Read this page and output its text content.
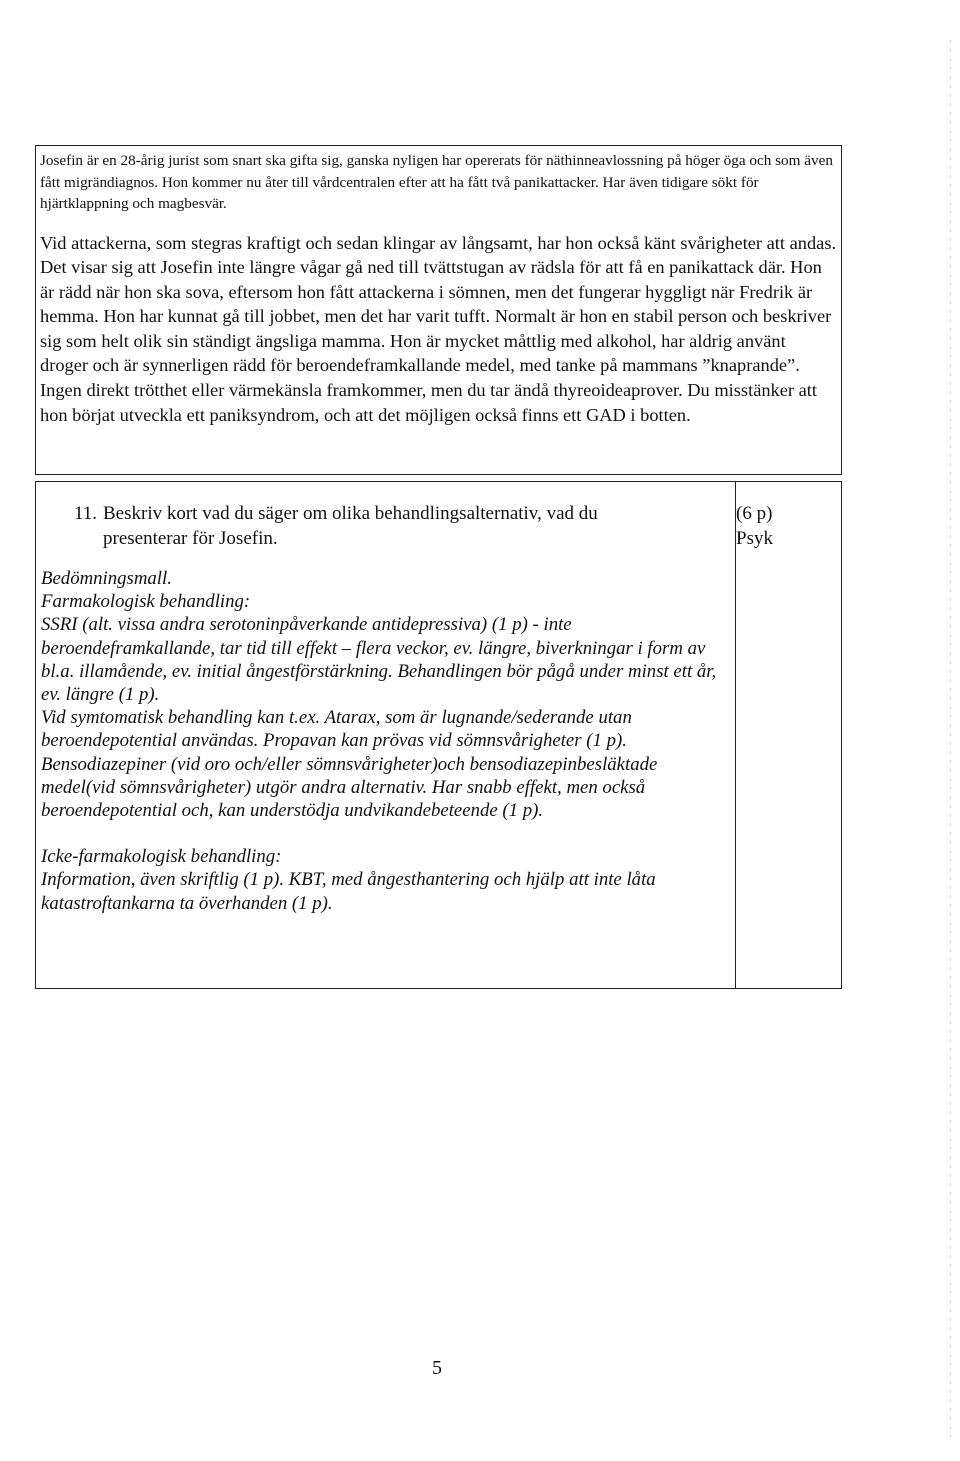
Josefin är en 28-årig jurist som snart ska gifta sig, ganska nyligen har opererats för näthinneavlossning på höger öga och som även fått migrändiagnos. Hon kommer nu åter till vårdcentralen efter att ha fått två panikattacker. Har även tidigare sökt för hjärtklappning och magbesvär.

Vid attackerna, som stegras kraftigt och sedan klingar av långsamt, har hon också känt svårigheter att andas. Det visar sig att Josefin inte längre vågar gå ned till tvättstugan av rädsla för att få en panikattack där. Hon är rädd när hon ska sova, eftersom hon fått attackerna i sömnen, men det fungerar hyggligt när Fredrik är hemma. Hon har kunnat gå till jobbet, men det har varit tufft. Normalt är hon en stabil person och beskriver sig som helt olik sin ständigt ängsliga mamma. Hon är mycket måttlig med alkohol, har aldrig använt droger och är synnerligen rädd för beroendeframkallande medel, med tanke på mammans ”knaprande”. Ingen direkt trötthet eller värmekänsla framkommer, men du tar ändå thyreoideaprover. Du misstänker att hon börjat utveckla ett paniksyndrom, och att det möjligen också finns ett GAD i botten.

11. Beskriv kort vad du säger om olika behandlingsalternativ, vad du presenterar för Josefin.

(6 p)
Psyk

Bedömningsmall.

Farmakologisk behandling:

SSRI (alt. vissa andra serotoninpåverkande antidepressiva) (1 p) - inte beroendeframkallande, tar tid till effekt – flera veckor, ev. längre, biverkningar i form av bl.a. illamående, ev. initial ångestförstärkning. Behandlingen bör pågå under minst ett år, ev. längre (1 p).

Vid symtomatisk behandling kan t.ex. Atarax, som är lugnande/sederande utan beroendepotential användas. Propavan kan prövas vid sömnsvårigheter (1 p).

Bensodiazepiner (vid oro och/eller sömnsvårigheter)och bensodiazepinbesläktade medel(vid sömnsvårigheter) utgör andra alternativ. Har snabb effekt, men också beroendepotential och, kan understödja undvikandebeteende (1 p).

Icke-farmakologisk behandling:

Information, även skriftlig (1 p). KBT, med ångesthantering och hjälp att inte låta katastroftankarna ta överhanden (1 p).

5
